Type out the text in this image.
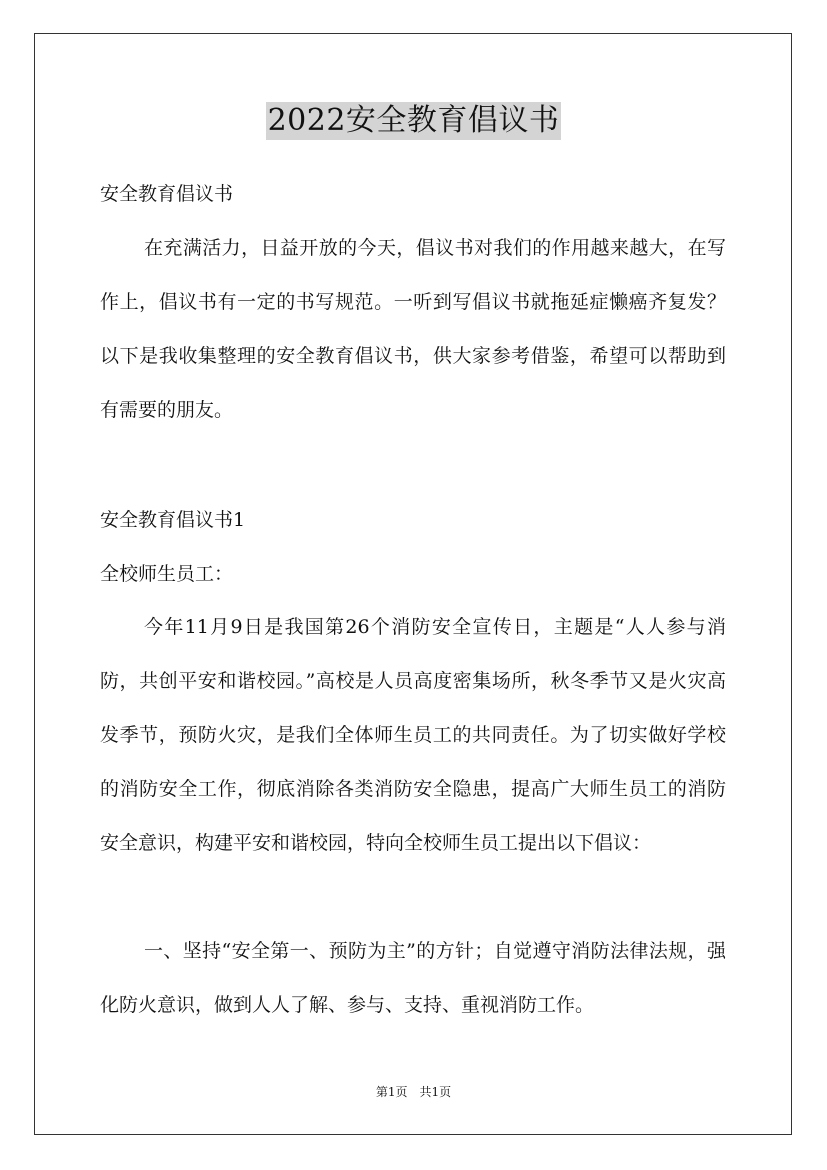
2022安全教育倡议书
安全教育倡议书
在充满活力，日益开放的今天，倡议书对我们的作用越来越大，在写作上，倡议书有一定的书写规范。一听到写倡议书就拖延症懒癌齐复发？以下是我收集整理的安全教育倡议书，供大家参考借鉴，希望可以帮助到有需要的朋友。
安全教育倡议书1
全校师生员工：
今年11月9日是我国第26个消防安全宣传日，主题是“人人参与消防，共创平安和谐校园。”高校是人员高度密集场所，秋冬季节又是火灾高发季节，预防火灾，是我们全体师生员工的共同责任。为了切实做好学校的消防安全工作，彻底消除各类消防安全隐患，提高广大师生员工的消防安全意识，构建平安和谐校园，特向全校师生员工提出以下倡议：
一、坚持“安全第一、预防为主”的方针；自觉遵守消防法律法规，强化防火意识，做到人人了解、参与、支持、重视消防工作。
第1页　共1页
